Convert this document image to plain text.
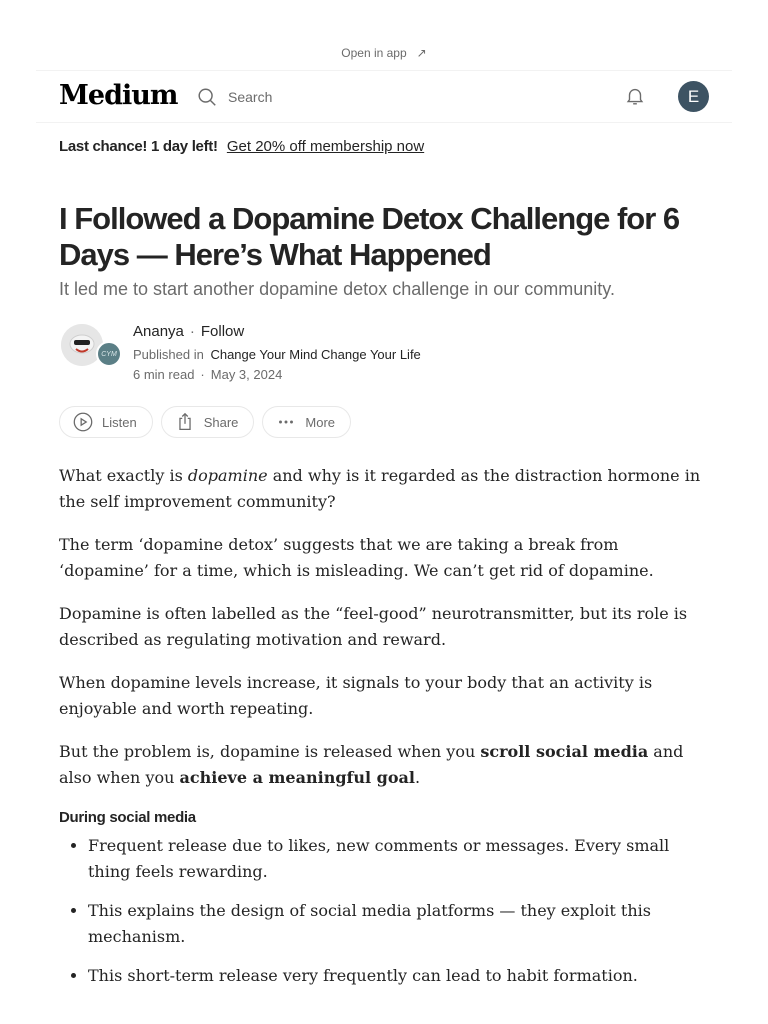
Open in app ↗
Medium
Search	E
Last chance! 1 day left! Get 20% off membership now
I Followed a Dopamine Detox Challenge for 6 Days — Here’s What Happened
It led me to start another dopamine detox challenge in our community.
CYM
Ananya · Follow
Published in Change Your Mind Change Your Life
6 min read · May 3, 2024
Listen	Share	More

What exactly is dopamine and why is it regarded as the distraction hormone in the self improvement community?

The term ‘dopamine detox’ suggests that we are taking a break from ‘dopamine’ for a time, which is misleading. We can’t get rid of dopamine.

Dopamine is often labelled as the “feel-good” neurotransmitter, but its role is described as regulating motivation and reward.

When dopamine levels increase, it signals to your body that an activity is enjoyable and worth repeating.

But the problem is, dopamine is released when you scroll social media and also when you achieve a meaningful goal.

During social media
• Frequent release due to likes, new comments or messages. Every small thing feels rewarding.
• This explains the design of social media platforms — they exploit this mechanism.
• This short-term release very frequently can lead to habit formation.
